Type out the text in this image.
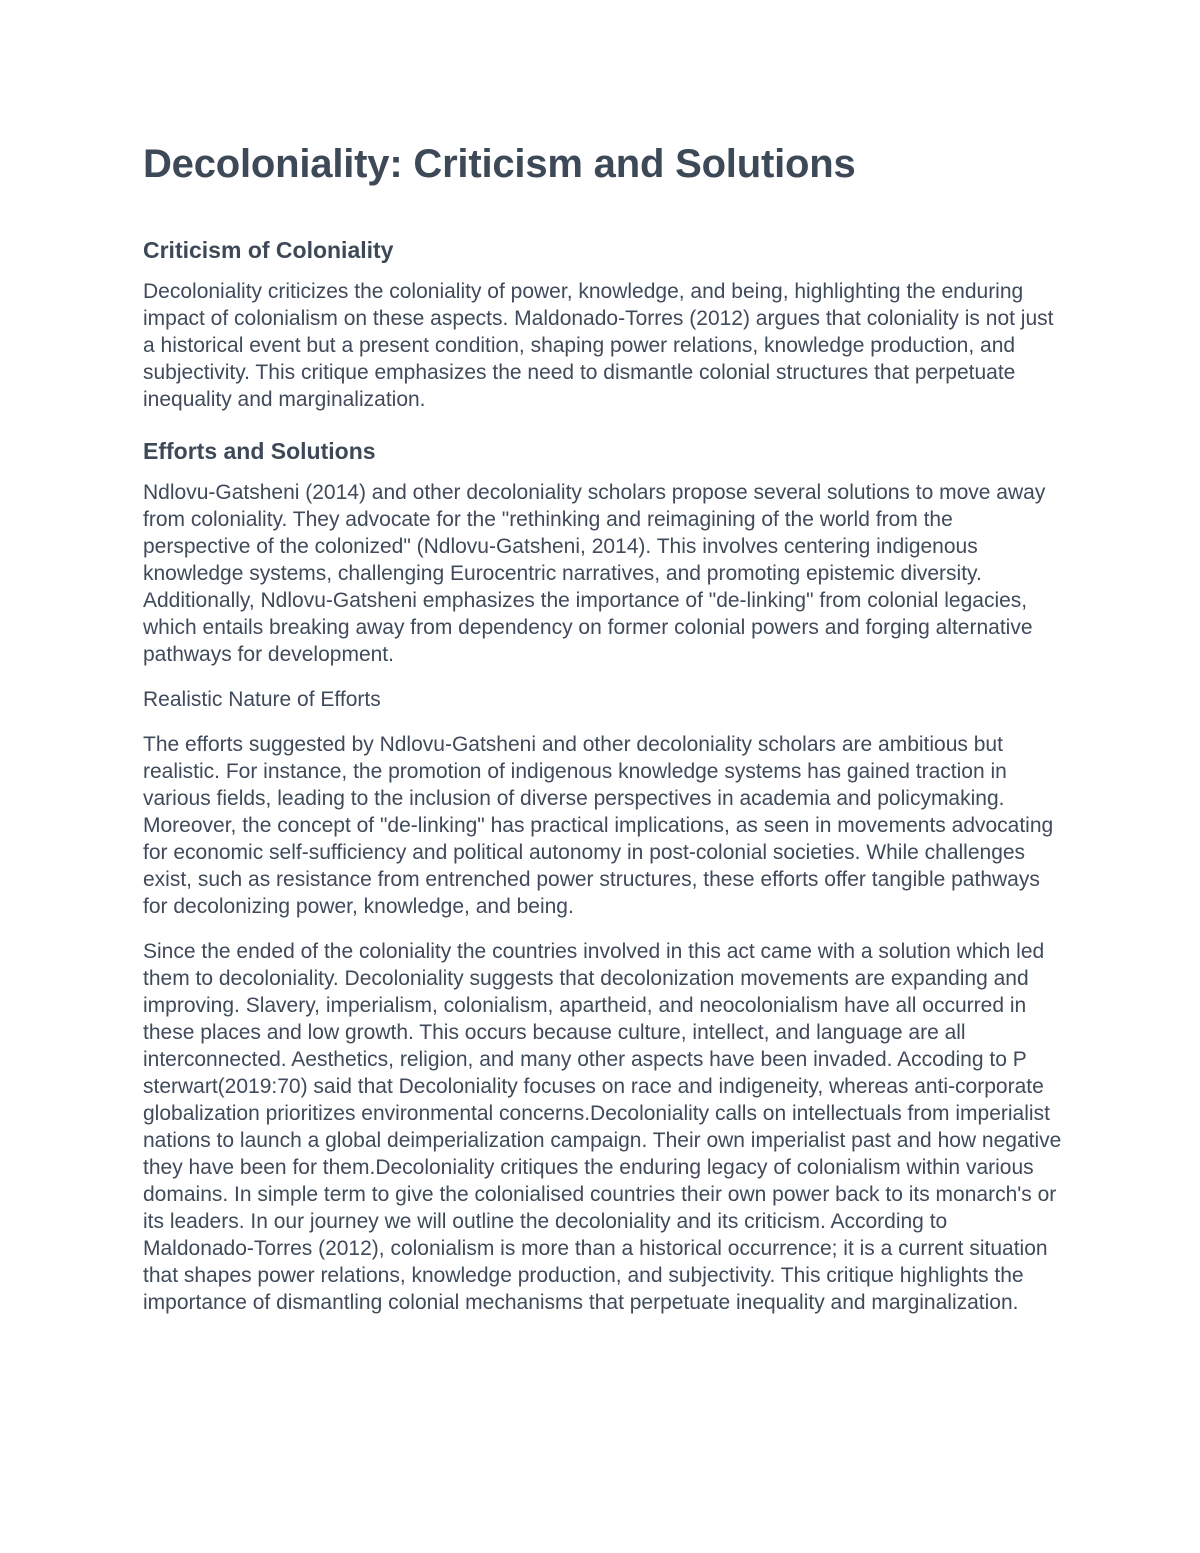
Decoloniality: Criticism and Solutions
Criticism of Coloniality

Decoloniality criticizes the coloniality of power, knowledge, and being, highlighting the enduring impact of colonialism on these aspects. Maldonado-Torres (2012) argues that coloniality is not just a historical event but a present condition, shaping power relations, knowledge production, and subjectivity. This critique emphasizes the need to dismantle colonial structures that perpetuate inequality and marginalization.

Efforts and Solutions

Ndlovu-Gatsheni (2014) and other decoloniality scholars propose several solutions to move away from coloniality. They advocate for the "rethinking and reimagining of the world from the perspective of the colonized" (Ndlovu-Gatsheni, 2014). This involves centering indigenous knowledge systems, challenging Eurocentric narratives, and promoting epistemic diversity. Additionally, Ndlovu-Gatsheni emphasizes the importance of "de-linking" from colonial legacies, which entails breaking away from dependency on former colonial powers and forging alternative pathways for development.

Realistic Nature of Efforts

The efforts suggested by Ndlovu-Gatsheni and other decoloniality scholars are ambitious but realistic. For instance, the promotion of indigenous knowledge systems has gained traction in various fields, leading to the inclusion of diverse perspectives in academia and policymaking. Moreover, the concept of "de-linking" has practical implications, as seen in movements advocating for economic self-sufficiency and political autonomy in post-colonial societies. While challenges exist, such as resistance from entrenched power structures, these efforts offer tangible pathways for decolonizing power, knowledge, and being.

Since the ended of the coloniality the countries involved in this act came with a solution which led them to decoloniality. Decoloniality suggests that decolonization movements are expanding and improving. Slavery, imperialism, colonialism, apartheid, and neocolonialism have all occurred in these places and low growth. This occurs because culture, intellect, and language are all interconnected. Aesthetics, religion, and many other aspects have been invaded. Accoding to P sterwart(2019:70) said that Decoloniality focuses on race and indigeneity, whereas anti-corporate globalization prioritizes environmental concerns.Decoloniality calls on intellectuals from imperialist nations to launch a global deimperialization campaign. Their own imperialist past and how negative they have been for them.Decoloniality critiques the enduring legacy of colonialism within various domains. In simple term to give the colonialised countries their own power back to its monarch's or its leaders. In our journey we will outline the decoloniality and its criticism. According to Maldonado-Torres (2012), colonialism is more than a historical occurrence; it is a current situation that shapes power relations, knowledge production, and subjectivity. This critique highlights the importance of dismantling colonial mechanisms that perpetuate inequality and marginalization.
